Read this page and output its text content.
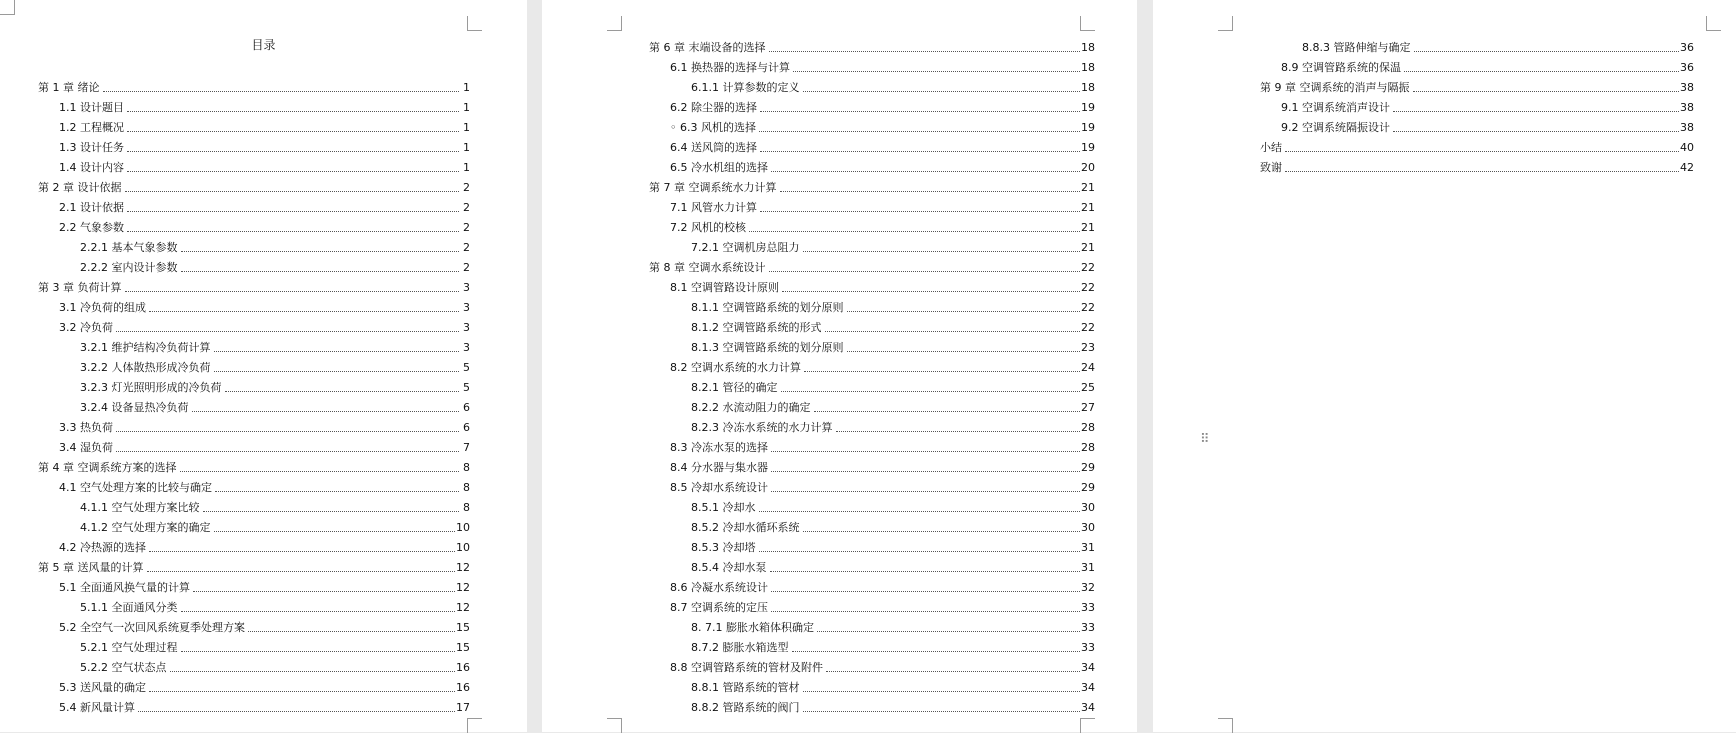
目录
第 1 章 绪论	1
1.1 设计题目	1
1.2 工程概况	1
1.3 设计任务	1
1.4 设计内容	1
第 2 章 设计依据	2
2.1 设计依据	2
2.2 气象参数	2
2.2.1 基本气象参数	2
2.2.2 室内设计参数	2
第 3 章 负荷计算	3
3.1 冷负荷的组成	3
3.2 冷负荷	3
3.2.1 维护结构冷负荷计算	3
3.2.2 人体散热形成冷负荷	5
3.2.3 灯光照明形成的冷负荷	5
3.2.4 设备显热冷负荷	6
3.3 热负荷	6
3.4 湿负荷	7
第 4 章 空调系统方案的选择	8
4.1 空气处理方案的比较与确定	8
4.1.1 空气处理方案比较	8
4.1.2 空气处理方案的确定	10
4.2 冷热源的选择	10
第 5 章 送风量的计算	12
5.1 全面通风换气量的计算	12
5.1.1 全面通风分类	12
5.2 全空气一次回风系统夏季处理方案	15
5.2.1 空气处理过程	15
5.2.2 空气状态点	16
5.3 送风量的确定	16
5.4 新风量计算	17
第 6 章 末端设备的选择	18
6.1 换热器的选择与计算	18
6.1.1 计算参数的定义	18
6.2 除尘器的选择	19
◦ 6.3 风机的选择	19
6.4 送风筒的选择	19
6.5 冷水机组的选择	20
第 7 章 空调系统水力计算	21
7.1 风管水力计算	21
7.2 风机的校核	21
7.2.1 空调机房总阻力	21
第 8 章 空调水系统设计	22
8.1 空调管路设计原则	22
8.1.1 空调管路系统的划分原则	22
8.1.2 空调管路系统的形式	22
8.1.3 空调管路系统的划分原则	23
8.2 空调水系统的水力计算	24
8.2.1 管径的确定	25
8.2.2 水流动阻力的确定	27
8.2.3 冷冻水系统的水力计算	28
8.3 冷冻水泵的选择	28
8.4 分水器与集水器	29
8.5 冷却水系统设计	29
8.5.1 冷却水	30
8.5.2 冷却水循环系统	30
8.5.3 冷却塔	31
8.5.4 冷却水泵	31
8.6 冷凝水系统设计	32
8.7 空调系统的定压	33
8. 7.1 膨胀水箱体积确定	33
8.7.2 膨胀水箱选型	33
8.8 空调管路系统的管材及附件	34
8.8.1 管路系统的管材	34
8.8.2 管路系统的阀门	34
8.8.3 管路伸缩与确定	36
8.9 空调管路系统的保温	36
第 9 章 空调系统的消声与隔振	38
9.1 空调系统消声设计	38
9.2 空调系统隔振设计	38
小结	40
致谢	42
⠿
